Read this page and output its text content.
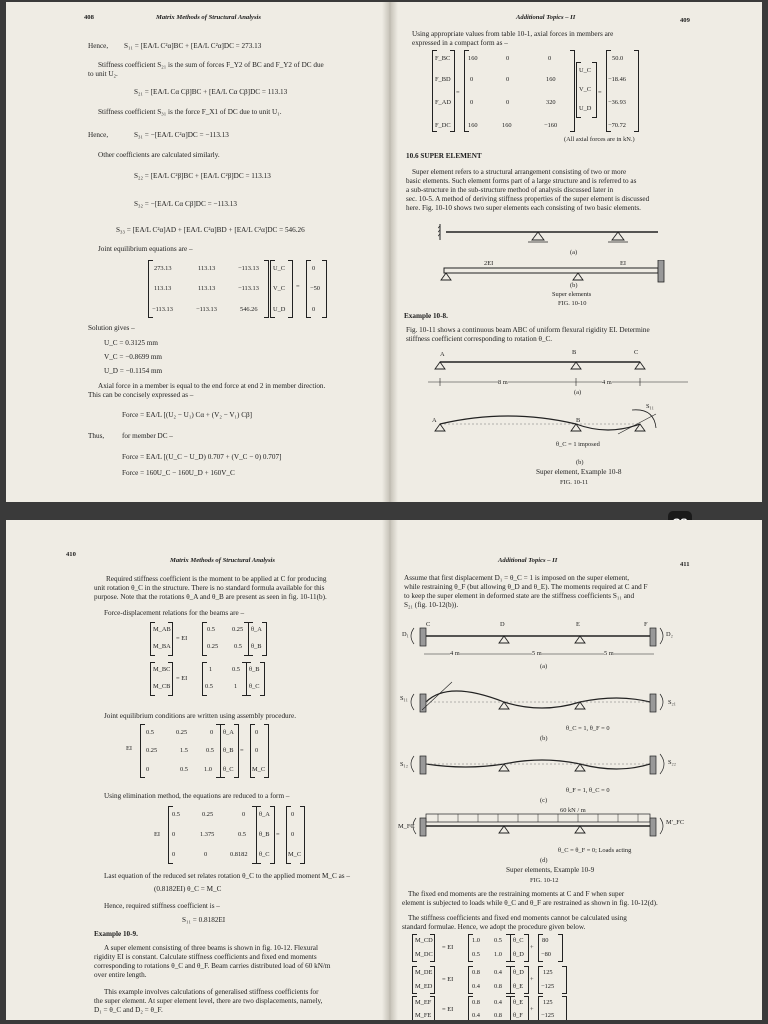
408	Matrix Methods of Structural Analysis
Hence, S₁₁ = [EA/L C²α]BC + [EA/L C²α]DC = 273.13
Stiffness coefficient S₂₁ is the sum of forces F_Y2 of BC and F_Y2 of DC due
to unit U₂.
S₂₁ = [EA/L Cα Cβ]BC + [EA/L Cα Cβ]DC = 113.13
Stiffness coefficient S₃₁ is the force F_X1 of DC due to unit U₁.
Hence,	S₃₁ = −[EA/L C²α]DC = −113.13
Other coefficients are calculated similarly.
S₂₂ = [EA/L C²β]BC + [EA/L C²β]DC = 113.13
S₃₂ = −[EA/L Cα Cβ]DC = −113.13
S₃₃ = [EA/L C²α]AD + [EA/L C²α]BD + [EA/L C²α]DC = 546.26
Joint equilibrium equations are –
=
273.13	113.13	−113.13 U_C	0
113.13	113.13	−113.13 V_C	−50
−113.13	−113.13	546.26 U_D	0
Solution gives –
U_C = 0.3125 mm
V_C = −0.8699 mm
U_D = −0.1154 mm
Axial force in a member is equal to the end force at end 2 in member direction.
This can be concisely expressed as –
Force = EA/L [(U₂ − U₁) Cα + (V₂ − V₁) Cβ]
Thus, for member DC –
Force = EA/L [(U_C − U_D) 0.707 + (V_C − 0) 0.707]
Force = 160U_C − 160U_D + 160V_C
Additional Topics – II	409
Using appropriate values from table 10-1, axial forces in members are
expressed in a compact form as –
F_BC
F_BD
F_AD
F_DC
=
160	0	0
0	0	160
0	0	320
160	160	−160
U_C
V_C
U_D
=
50.0
−18.46
−36.93
−70.72
(All axial forces are in kN.)
10.6 SUPER ELEMENT
Super element refers to a structural arrangement consisting of two or more
basic elements. Such element forms part of a large structure and is referred to as
a sub-structure in the sub-structure method of analysis discussed later in
sec. 10-5. A method of deriving stiffness properties of the super element is discussed
here. Fig. 10-10 shows two super elements each consisting of two basic elements.
(a)
2EI	EI
(b)
Super elements
FIG. 10-10
Example 10-8.
Fig. 10-11 shows a continuous beam ABC of uniform flexural rigidity EI. Determine
stiffness coefficient corresponding to rotation θ_C.
A	B	C
8 m	4 m
(a)
A	B
S₁₁
θ_C = 1 imposed
(b)
Super element, Example 10-8
FIG. 10-11
410
Matrix Methods of Structural Analysis
Required stiffness coefficient is the moment to be applied at C for producing
unit rotation θ_C in the structure. There is no standard formula available for this
purpose. Note that the rotations θ_A and θ_B are present as seen in fig. 10-11(b).
Force-displacement relations for the beams are –
M_AB
M_BA
= EI
0.5	0.25
0.25 0.5
θ_A
θ_B
M_BC
M_CB
= EI
1	0.5
0.5	1
θ_B
θ_C
Joint equilibrium conditions are written using assembly procedure.
EI
0.5	0.25	0
0.25	1.5	0.5
0	0.5	1.0
θ_A
θ_B
θ_C
=
0
0
M_C
Using elimination method, the equations are reduced to a form –
EI
0.5	0.25	0
0	1.375	0.5
0	0	0.8182
θ_A
θ_B
θ_C
=
0
0
M_C
Last equation of the reduced set relates rotation θ_C to the applied moment M_C as –
(0.8182EI) θ_C = M_C
Hence, required stiffness coefficient is –
S₁₁ = 0.8182EI
Example 10-9.
A super element consisting of three beams is shown in fig. 10-12. Flexural
rigidity EI is constant. Calculate stiffness coefficients and fixed end moments
corresponding to rotations θ_C and θ_F. Beam carries distributed load of 60 kN/m
over entire length.
This example involves calculations of generalised stiffness coefficients for
the super element. At super element level, there are two displacements, namely,
D₁ = θ_C and D₂ = θ_F.
Additional Topics – II
411
Assume that first displacement D₁ = θ_C = 1 is imposed on the super element,
while restraining θ_F (but allowing θ_D and θ_E). The moments required at C and F
to keep the super element in deformed state are the stiffness coefficients S₁₁ and
S₂₁ (fig. 10-12(b)).
C	D	E	F
D₁	D₂
4 m	5 m	5 m
(a)
S₁₁
S₂₁
θ_C = 1, θ_F = 0
(b)
S₁₂	S₂₂
θ_F = 1, θ_C = 0
(c)
60 kN / m
M_FC
M′_FC
θ_C = θ_F = 0; Loads acting
(d)
Super elements, Example 10-9
FIG. 10-12
The fixed end moments are the restraining moments at C and F when super
element is subjected to loads while θ_C and θ_F are restrained as shown in fig. 10-12(d).
The stiffness coefficients and fixed end moments cannot be calculated using
standard formulae. Hence, we adopt the procedure given below.
M_CD
M_DC
= EI
1.0 0.5
0.5 1.0
θ_C
θ_D
+
80
−80
M_DE
M_ED
= EI
0.8 0.4
0.4 0.8
θ_D
θ_E
+
125
−125
M_EF
M_FE
= EI
0.8 0.4
0.4 0.8
θ_E
θ_F
+
125
−125
